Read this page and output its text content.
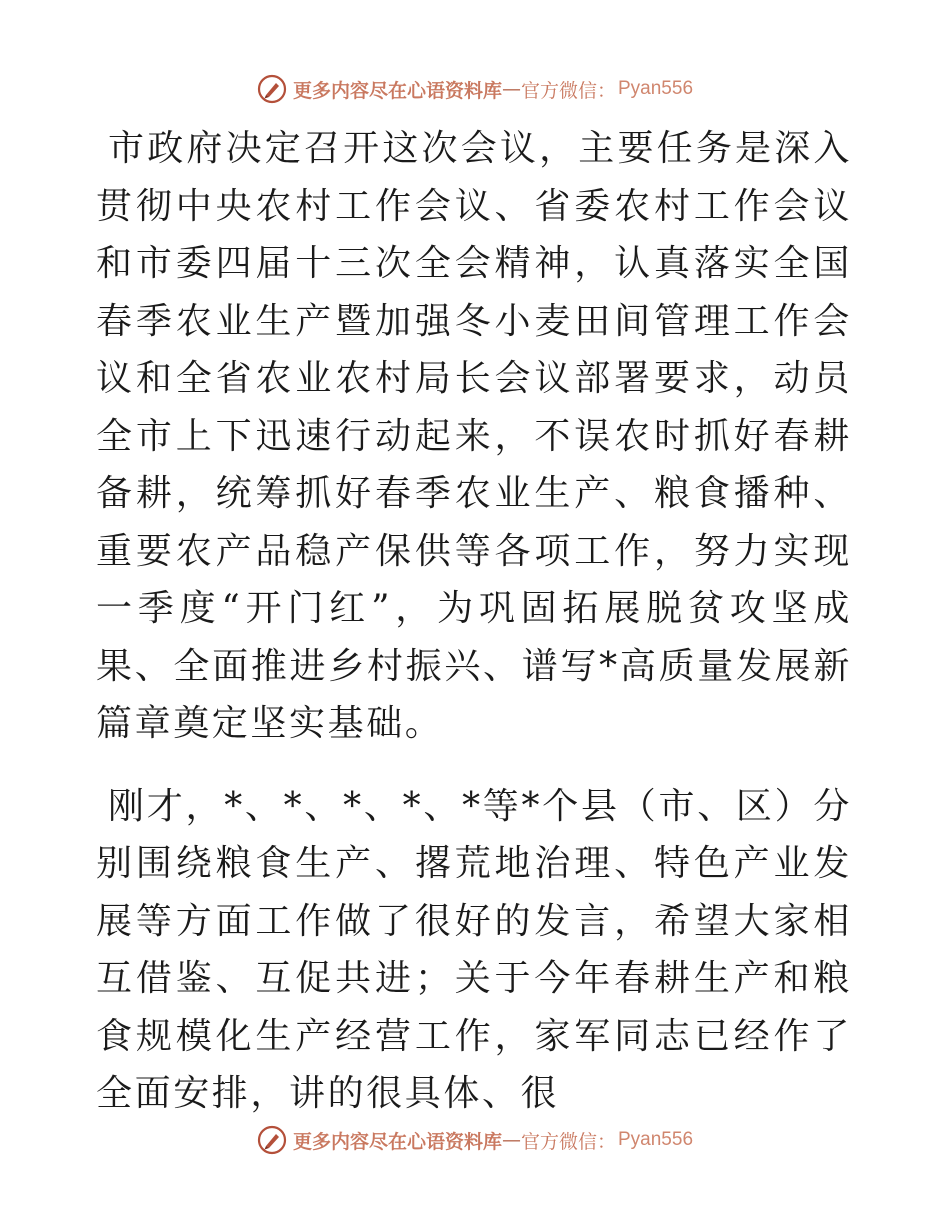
更多内容尽在心语资料库 — 官方微信： Pyan556

市政府决定召开这次会议，主要任务是深入贯彻中央农村工作会议、省委农村工作会议和市委四届十三次全会精神，认真落实全国春季农业生产暨加强冬小麦田间管理工作会议和全省农业农村局长会议部署要求，动员全市上下迅速行动起来，不误农时抓好春耕备耕，统筹抓好春季农业生产、粮食播种、重要农产品稳产保供等各项工作，努力实现一季度“开门红”，为巩固拓展脱贫攻坚成果、全面推进乡村振兴、谱写*高质量发展新篇章奠定坚实基础。

刚才，*、*、*、*、*等*个县（市、区）分别围绕粮食生产、撂荒地治理、特色产业发展等方面工作做了很好的发言，希望大家相互借鉴、互促共进；关于今年春耕生产和粮食规模化生产经营工作，家军同志已经作了全面安排，讲的很具体、很

更多内容尽在心语资料库 — 官方微信： Pyan556
